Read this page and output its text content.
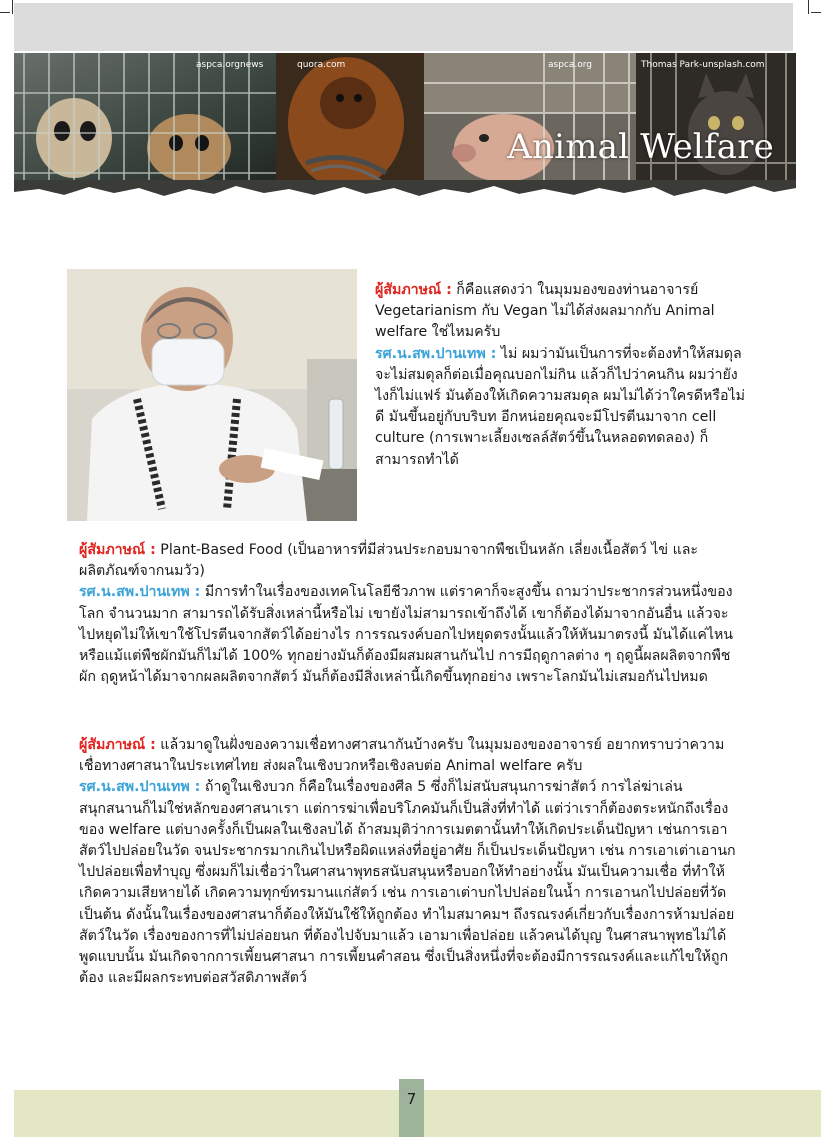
aspca.orgnews	quora.com	aspca.org	Thomas Park-unsplash.com
Animal Welfare

ผู้สัมภาษณ์ : ก็คือแสดงว่า ในมุมมองของท่านอาจารย์ Vegetarianism กับ Vegan ไม่ได้ส่งผลมากกับ Animal welfare ใช่ไหมครับ

รศ.น.สพ.ปานเทพ : ไม่ ผมว่ามันเป็นการที่จะต้องทำให้สมดุล จะไม่สมดุลก็ต่อเมื่อคุณบอกไม่กิน แล้วก็ไปว่าคนกิน ผมว่ายังไงก็ไม่แฟร์ มันต้องให้เกิดความสมดุล ผมไม่ได้ว่าใครดีหรือไม่ดี มันขึ้นอยู่กับบริบท อีกหน่อยคุณจะมีโปรตีนมาจาก cell culture (การเพาะเลี้ยงเซลล์สัตว์ขึ้นในหลอดทดลอง) ก็สามารถทำได้

ผู้สัมภาษณ์ : Plant-Based Food (เป็นอาหารที่มีส่วนประกอบมาจากพืชเป็นหลัก เลี่ยงเนื้อสัตว์ ไข่ และ ผลิตภัณฑ์จากนมวัว)

รศ.น.สพ.ปานเทพ : มีการทำในเรื่องของเทคโนโลยีชีวภาพ แต่ราคาก็จะสูงขึ้น ถามว่าประชากรส่วนหนึ่งของโลก จำนวนมาก สามารถได้รับสิ่งเหล่านี้หรือไม่ เขายังไม่สามารถเข้าถึงได้ เขาก็ต้องได้มาจากอันอื่น แล้วจะไปหยุดไม่ให้เขาใช้โปรตีนจากสัตว์ได้อย่างไร การรณรงค์บอกไปหยุดตรงนั้นแล้วให้หันมาตรงนี้ มันได้แค่ไหน หรือแม้แต่พืชผักมันก็ไม่ได้ 100% ทุกอย่างมันก็ต้องมีผสมผสานกันไป การมีฤดูกาลต่าง ๆ ฤดูนี้ผลผลิตจากพืชผัก ฤดูหน้าได้มาจากผลผลิตจากสัตว์ มันก็ต้องมีสิ่งเหล่านี้เกิดขึ้นทุกอย่าง เพราะโลกมันไม่เสมอกันไปหมด

ผู้สัมภาษณ์ : แล้วมาดูในฝั่งของความเชื่อทางศาสนากันบ้างครับ ในมุมมองของอาจารย์ อยากทราบว่าความเชื่อทางศาสนาในประเทศไทย ส่งผลในเชิงบวกหรือเชิงลบต่อ Animal welfare ครับ

รศ.น.สพ.ปานเทพ : ถ้าดูในเชิงบวก ก็คือในเรื่องของศีล 5 ซึ่งก็ไม่สนับสนุนการฆ่าสัตว์ การไล่ฆ่าเล่นสนุกสนานก็ไม่ใช่หลักของศาสนาเรา แต่การฆ่าเพื่อบริโภคมันก็เป็นสิ่งที่ทำได้ แต่ว่าเราก็ต้องตระหนักถึงเรื่องของ welfare แต่บางครั้งก็เป็นผลในเชิงลบได้ ถ้าสมมุติว่าการเมตตานั้นทำให้เกิดประเด็นปัญหา เช่นการเอาสัตว์ไปปล่อยในวัด จนประชากรมากเกินไปหรือผิดแหล่งที่อยู่อาศัย ก็เป็นประเด็นปัญหา เช่น การเอาเต่าเอานกไปปล่อยเพื่อทำบุญ ซึ่งผมก็ไม่เชื่อว่าในศาสนาพุทธสนับสนุนหรือบอกให้ทำอย่างนั้น มันเป็นความเชื่อ ที่ทำให้เกิดความเสียหายได้ เกิดความทุกข์ทรมานแก่สัตว์ เช่น การเอาเต่าบกไปปล่อยในน้ำ การเอานกไปปล่อยที่วัด เป็นต้น ดังนั้นในเรื่องของศาสนาก็ต้องให้มันใช้ให้ถูกต้อง ทำไมสมาคมฯ ถึงรณรงค์เกี่ยวกับเรื่องการห้ามปล่อยสัตว์ในวัด เรื่องของการที่ไม่ปล่อยนก ที่ต้องไปจับมาแล้ว เอามาเพื่อปล่อย แล้วคนได้บุญ ในศาสนาพุทธไม่ได้พูดแบบนั้น มันเกิดจากการเพี้ยนศาสนา การเพี้ยนคำสอน ซึ่งเป็นสิ่งหนึ่งที่จะต้องมีการรณรงค์และแก้ไขให้ถูกต้อง และมีผลกระทบต่อสวัสดิภาพสัตว์

7
